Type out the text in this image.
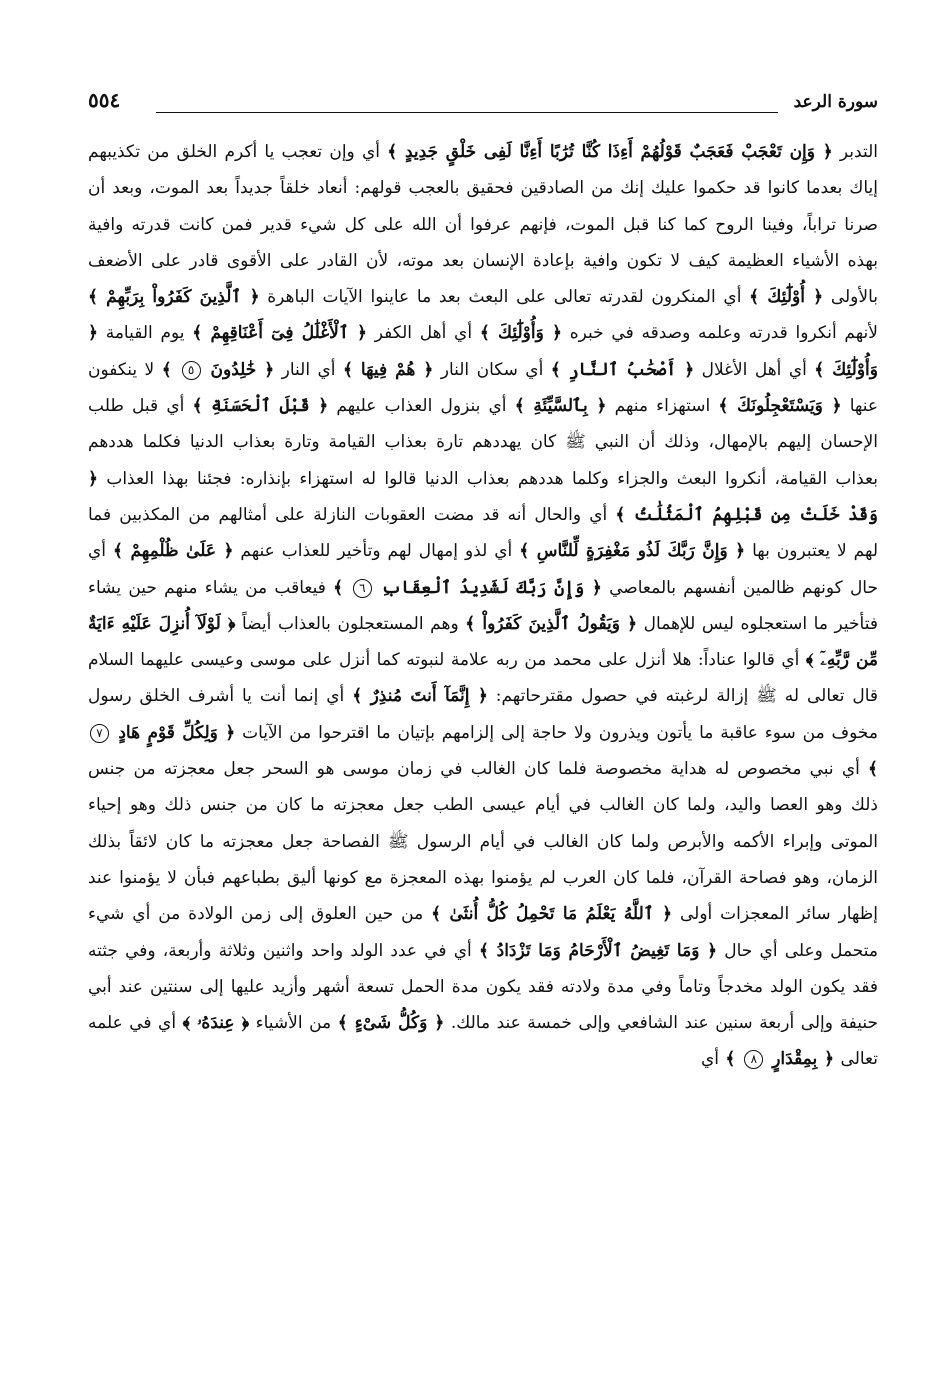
٥٥٤	سورة الرعد

التدبر ﴿ وَإِن تَعْجَبْ فَعَجَبٌ قَوْلُهُمْ أَءِذَا كُنَّا تُرَٰبًا أَءِنَّا لَفِى خَلْقٍ جَدِيدٍ ﴾ أي وإن تعجب يا أكرم الخلق من تكذيبهم إياك بعدما كانوا قد حكموا عليك إنك من الصادقين فحقيق بالعجب قولهم: أنعاد خلقاً جديداً بعد الموت، وبعد أن صرنا تراباً، وفينا الروح كما كنا قبل الموت، فإنهم عرفوا أن الله على كل شيء قدير فمن كانت قدرته وافية بهذه الأشياء العظيمة كيف لا تكون وافية بإعادة الإنسان بعد موته، لأن القادر على الأقوى قادر على الأضعف بالأولى ﴿ أُوْلَٰٓئِكَ ﴾ أي المنكرون لقدرته تعالى على البعث بعد ما عاينوا الآيات الباهرة ﴿ ٱلَّذِينَ كَفَرُواْ بِرَبِّهِمْ ﴾ لأنهم أنكروا قدرته وعلمه وصدقه في خبره ﴿ وَأُوْلَٰٓئِكَ ﴾ أي أهل الكفر ﴿ ٱلْأَغْلَٰلُ فِىٓ أَعْنَاقِهِمْ ﴾ يوم القيامة ﴿ وَأُوْلَٰٓئِكَ ﴾ أي أهل الأغلال ﴿ أَصْحَٰبُ ٱلنَّارِ ﴾ أي سكان النار ﴿ هُمْ فِيهَا ﴾ أي النار ﴿ خَٰلِدُونَ ٥ ﴾ لا ينكفون عنها ﴿ وَيَسْتَعْجِلُونَكَ ﴾ استهزاء منهم ﴿ بِٱلسَّيِّئَةِ ﴾ أي بنزول العذاب عليهم ﴿ قَبْلَ ٱلْحَسَنَةِ ﴾ أي قبل طلب الإحسان إليهم بالإمهال، وذلك أن النبي ﷺ كان يهددهم تارة بعذاب القيامة وتارة بعذاب الدنيا فكلما هددهم بعذاب القيامة، أنكروا البعث والجزاء وكلما هددهم بعذاب الدنيا قالوا له استهزاء بإنذاره: فجئنا بهذا العذاب ﴿ وَقَدْ خَلَتْ مِن قَبْلِهِمُ ٱلْمَثُلَٰتُ ﴾ أي والحال أنه قد مضت العقوبات النازلة على أمثالهم من المكذبين فما لهم لا يعتبرون بها ﴿ وَإِنَّ رَبَّكَ لَذُو مَغْفِرَةٍ لِّلنَّاسِ ﴾ أي لذو إمهال لهم وتأخير للعذاب عنهم ﴿ عَلَىٰ ظُلْمِهِمْ ﴾ أي حال كونهم ظالمين أنفسهم بالمعاصي ﴿ وَإِنَّ رَبَّكَ لَشَدِيدُ ٱلْعِقَابِ ٦ ﴾ فيعاقب من يشاء منهم حين يشاء فتأخير ما استعجلوه ليس للإهمال ﴿ وَيَقُولُ ٱلَّذِينَ كَفَرُواْ ﴾ وهم المستعجلون بالعذاب أيضاً ﴿ لَوْلَآ أُنزِلَ عَلَيْهِ ءَايَةٌ مِّن رَّبِّهِۦٓ ﴾ أي قالوا عناداً: هلا أنزل على محمد من ربه علامة لنبوته كما أنزل على موسى وعيسى عليهما السلام قال تعالى له ﷺ إزالة لرغبته في حصول مقترحاتهم: ﴿ إِنَّمَآ أَنتَ مُنذِرٌ ﴾ أي إنما أنت يا أشرف الخلق رسول مخوف من سوء عاقبة ما يأتون ويذرون ولا حاجة إلى إلزامهم بإتيان ما اقترحوا من الآيات ﴿ وَلِكُلِّ قَوْمٍ هَادٍ ٧ ﴾ أي نبي مخصوص له هداية مخصوصة فلما كان الغالب في زمان موسى هو السحر جعل معجزته من جنس ذلك وهو العصا واليد، ولما كان الغالب في أيام عيسى الطب جعل معجزته ما كان من جنس ذلك وهو إحياء الموتى وإبراء الأكمه والأبرص ولما كان الغالب في أيام الرسول ﷺ الفصاحة جعل معجزته ما كان لائقاً بذلك الزمان، وهو فصاحة القرآن، فلما كان العرب لم يؤمنوا بهذه المعجزة مع كونها أليق بطباعهم فبأن لا يؤمنوا عند إظهار سائر المعجزات أولى ﴿ ٱللَّهُ يَعْلَمُ مَا تَحْمِلُ كُلُّ أُنثَىٰ ﴾ من حين العلوق إلى زمن الولادة من أي شيء متحمل وعلى أي حال ﴿ وَمَا تَغِيضُ ٱلْأَرْحَامُ وَمَا تَزْدَادُ ﴾ أي في عدد الولد واحد واثنين وثلاثة وأربعة، وفي جثته فقد يكون الولد مخدجاً وتاماً وفي مدة ولادته فقد يكون مدة الحمل تسعة أشهر وأزيد عليها إلى سنتين عند أبي حنيفة وإلى أربعة سنين عند الشافعي وإلى خمسة عند مالك. ﴿ وَكُلُّ شَىْءٍ ﴾ من الأشياء ﴿ عِندَهُۥ ﴾ أي في علمه تعالى ﴿ بِمِقْدَارٍ ٨ ﴾ أي
